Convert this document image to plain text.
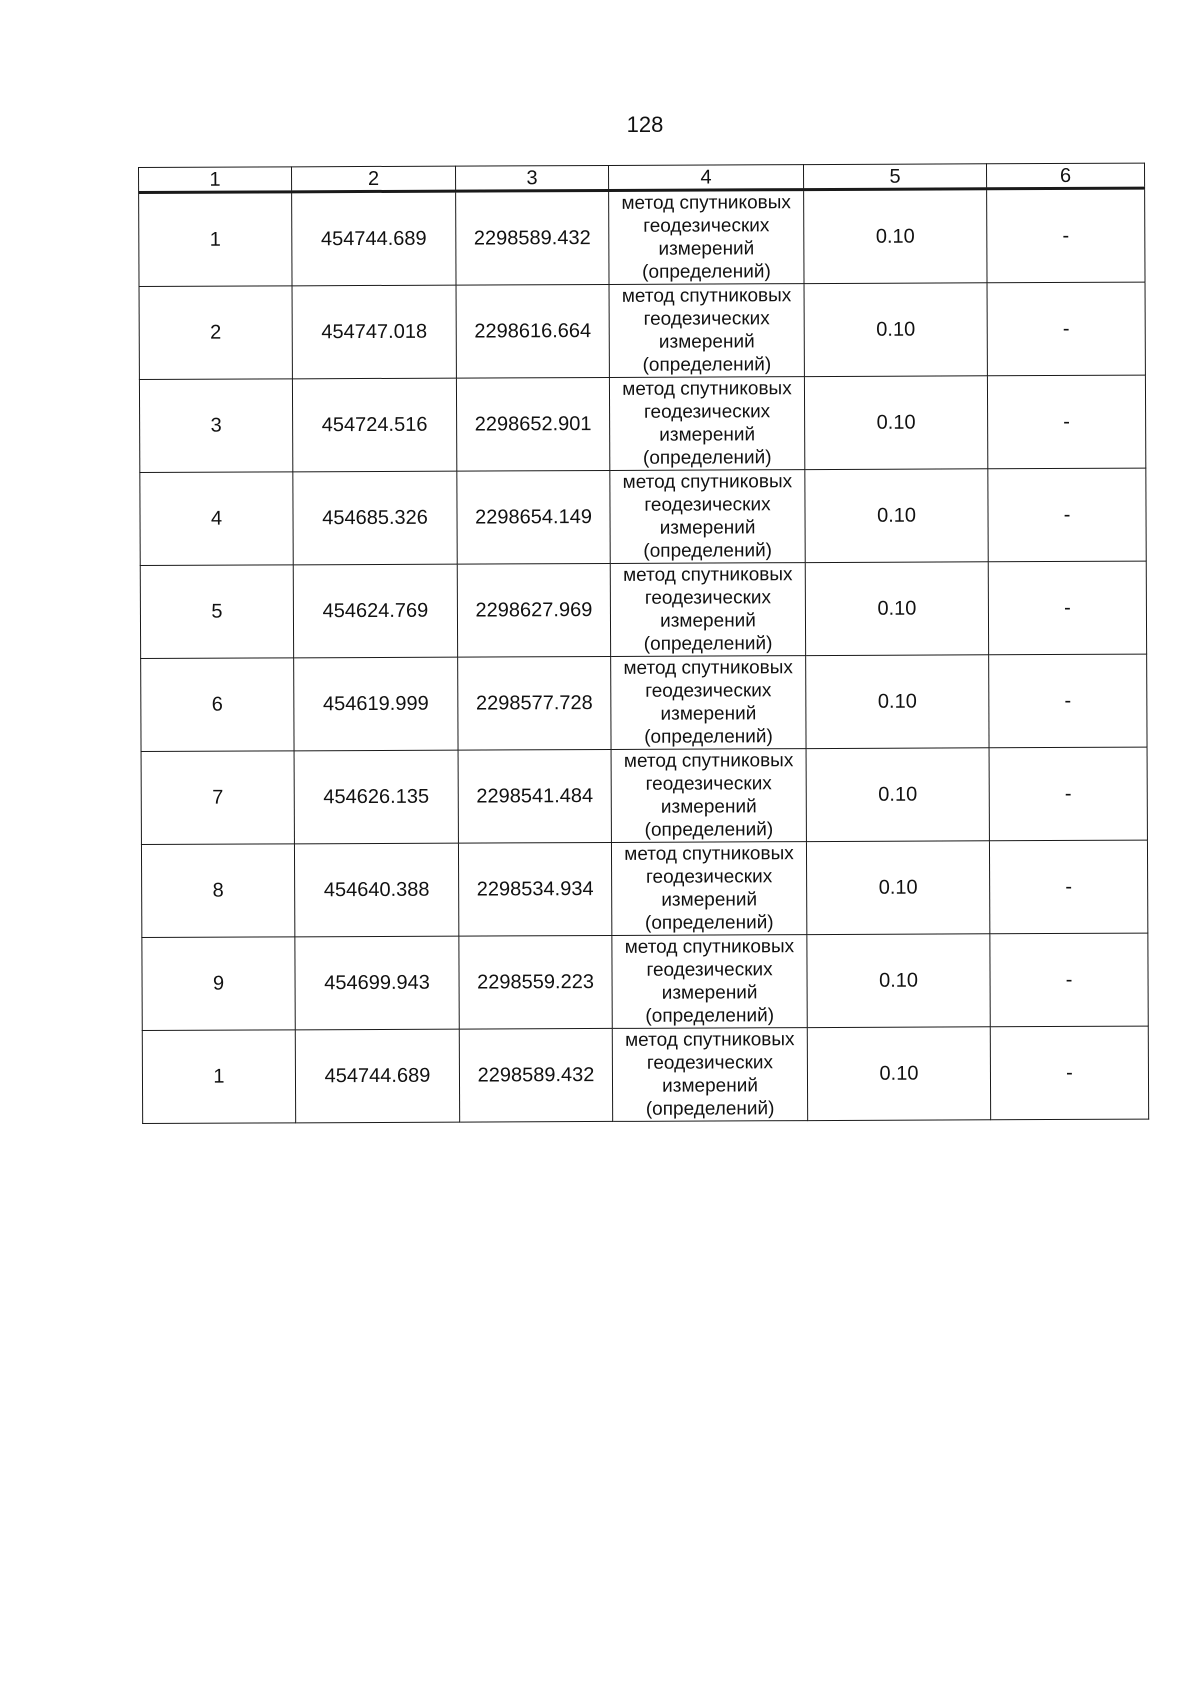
128
1	2	3	4	5	6
1	454744.689	2298589.432	метод спутниковых
геодезических
измерений
(определений)	0.10	-
2	454747.018	2298616.664	метод спутниковых
геодезических
измерений
(определений)	0.10	-
3	454724.516	2298652.901	метод спутниковых
геодезических
измерений
(определений)	0.10	-
4	454685.326	2298654.149	метод спутниковых
геодезических
измерений
(определений)	0.10	-
5	454624.769	2298627.969	метод спутниковых
геодезических
измерений
(определений)	0.10	-
6	454619.999	2298577.728	метод спутниковых
геодезических
измерений
(определений)	0.10	-
7	454626.135	2298541.484	метод спутниковых
геодезических
измерений
(определений)	0.10	-
8	454640.388	2298534.934	метод спутниковых
геодезических
измерений
(определений)	0.10	-
9	454699.943	2298559.223	метод спутниковых
геодезических
измерений
(определений)	0.10	-
1	454744.689	2298589.432	метод спутниковых
геодезических
измерений
(определений)	0.10	-
